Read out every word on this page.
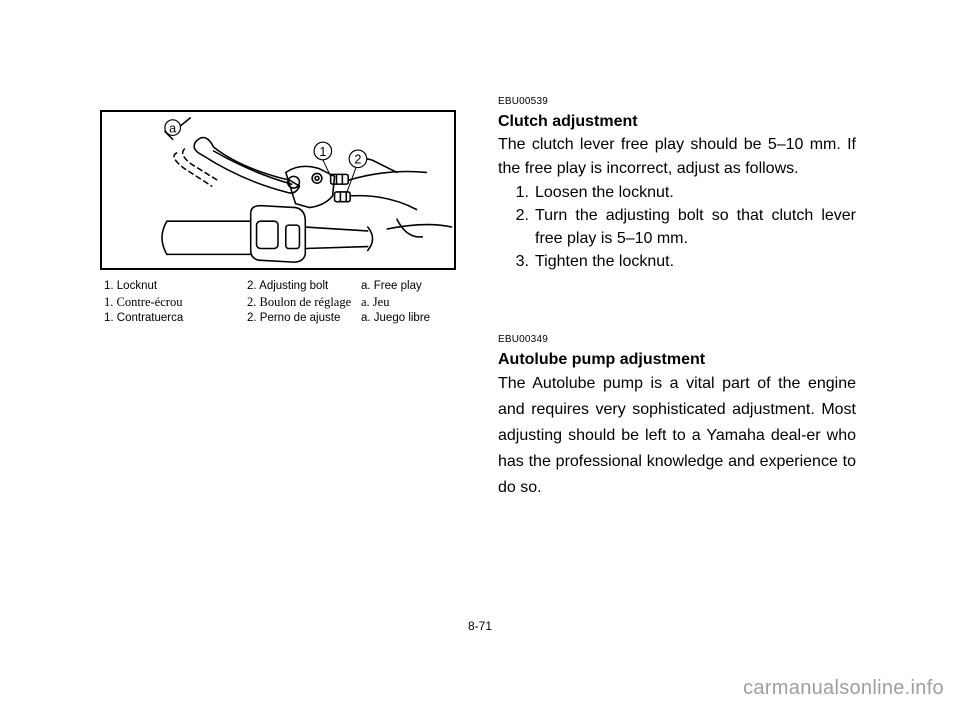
a
1
2
1. Locknut	2. Adjusting bolt	a. Free play
1. Contre-écrou	2. Boulon de réglage a. Jeu
1. Contratuerca	2. Perno de ajuste	a. Juego libre
EBU00539
Clutch adjustment
The clutch lever free play should be 5–10 mm. If the free play is incorrect, adjust as follows.
1. Loosen the locknut.
2. Turn the adjusting bolt so that clutch lever free play is 5–10 mm.
3. Tighten the locknut.
EBU00349
Autolube pump adjustment
The Autolube pump is a vital part of the engine and requires very sophisticated adjustment. Most adjusting should be left to a Yamaha deal-er who has the professional knowledge and experience to do so.
8-71
carmanualsonline.info
